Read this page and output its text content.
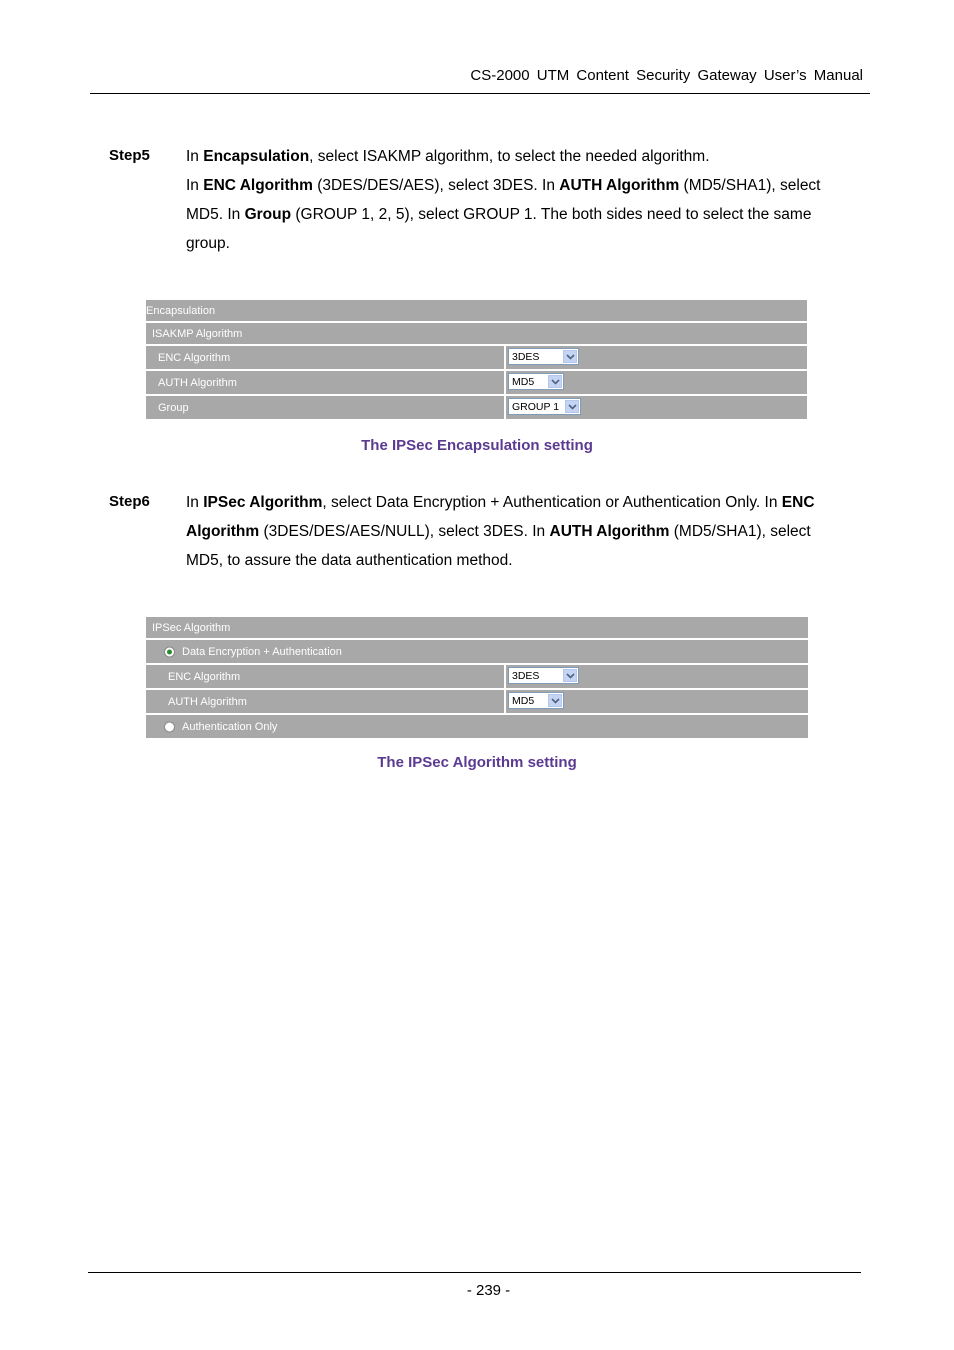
CS-2000 UTM Content Security Gateway User’s Manual
Step5 In Encapsulation, select ISAKMP algorithm, to select the needed algorithm.
In ENC Algorithm (3DES/DES/AES), select 3DES. In AUTH Algorithm (MD5/SHA1), select
MD5. In Group (GROUP 1, 2, 5), select GROUP 1. The both sides need to select the same
group.
Encapsulation
ISAKMP Algorithm
ENC Algorithm	3DES
AUTH Algorithm	MD5
Group	GROUP 1
The IPSec Encapsulation setting
Step6 In IPSec Algorithm, select Data Encryption + Authentication or Authentication Only. In ENC
Algorithm (3DES/DES/AES/NULL), select 3DES. In AUTH Algorithm (MD5/SHA1), select
MD5, to assure the data authentication method.
IPSec Algorithm
Data Encryption + Authentication
ENC Algorithm	3DES
AUTH Algorithm	MD5
Authentication Only
The IPSec Algorithm setting
- 239 -
